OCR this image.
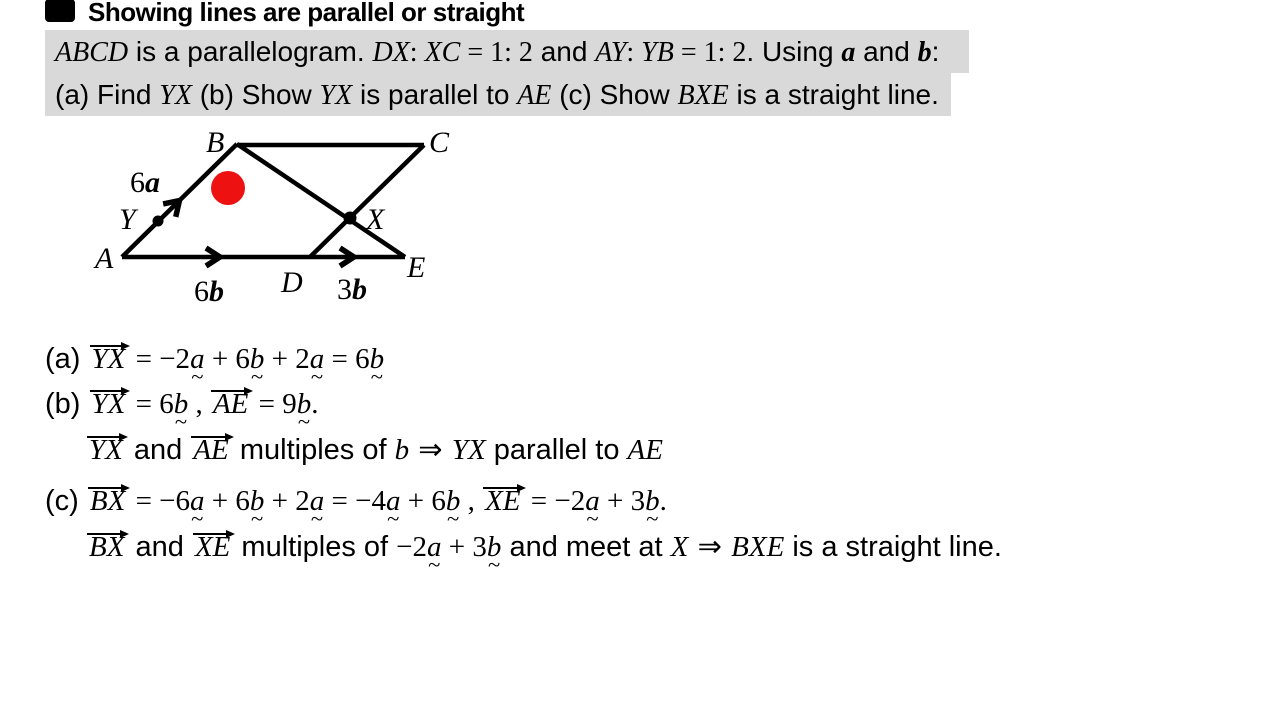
Showing lines are parallel or straight
ABCD is a parallelogram. DX: XC = 1: 2 and AY: YB = 1: 2. Using a and b:
(a) Find YX (b) Show YX is parallel to AE (c) Show BXE is a straight line.
A
B	C
D	E
X
Y
6a
6b	3b
(a) YX = −2a ~ + 6b ~ + 2a ~ = 6b ~
(b) YX = 6b ~ , AE = 9b ~.
YX and AE multiples of b ⇒ YX parallel to AE
(c) BX = −6a ~ + 6b ~ + 2a ~ = −4a ~ + 6b ~ , XE = −2a ~ + 3b ~.
BX and XE multiples of −2a ~ + 3b ~ and meet at X ⇒ BXE is a straight line.
